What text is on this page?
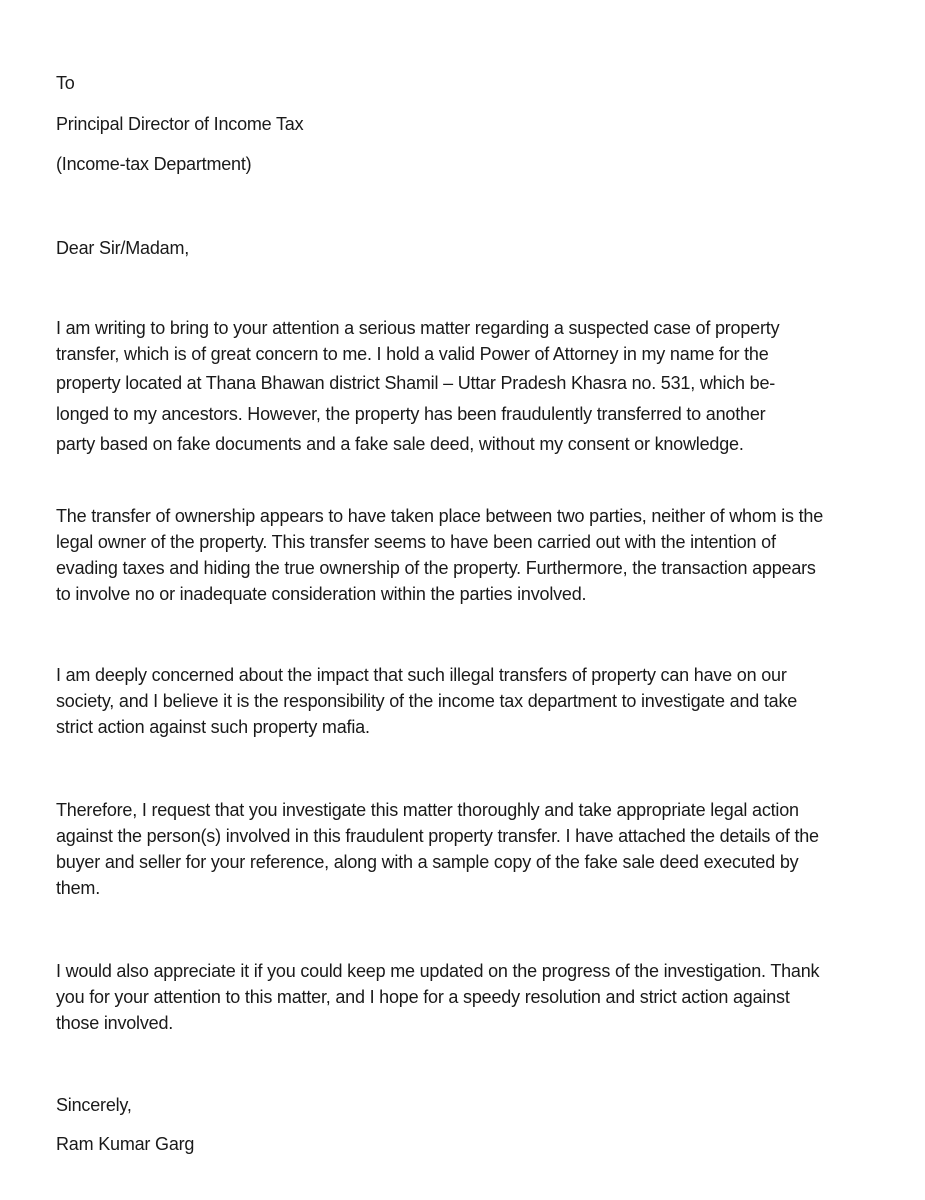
To
Principal Director of Income Tax
(Income-tax Department)
Dear Sir/Madam,
I am writing to bring to your attention a serious matter regarding a suspected case of property
transfer, which is of great concern to me. I hold a valid Power of Attorney in my name for the
property located at Thana Bhawan district Shamil – Uttar Pradesh Khasra no. 531, which be-
longed to my ancestors. However, the property has been fraudulently transferred to another
party based on fake documents and a fake sale deed, without my consent or knowledge.
The transfer of ownership appears to have taken place between two parties, neither of whom is the
legal owner of the property. This transfer seems to have been carried out with the intention of
evading taxes and hiding the true ownership of the property. Furthermore, the transaction appears
to involve no or inadequate consideration within the parties involved.
I am deeply concerned about the impact that such illegal transfers of property can have on our
society, and I believe it is the responsibility of the income tax department to investigate and take
strict action against such property mafia.
Therefore, I request that you investigate this matter thoroughly and take appropriate legal action
against the person(s) involved in this fraudulent property transfer. I have attached the details of the
buyer and seller for your reference, along with a sample copy of the fake sale deed executed by
them.
I would also appreciate it if you could keep me updated on the progress of the investigation. Thank
you for your attention to this matter, and I hope for a speedy resolution and strict action against
those involved.
Sincerely,
Ram Kumar Garg
